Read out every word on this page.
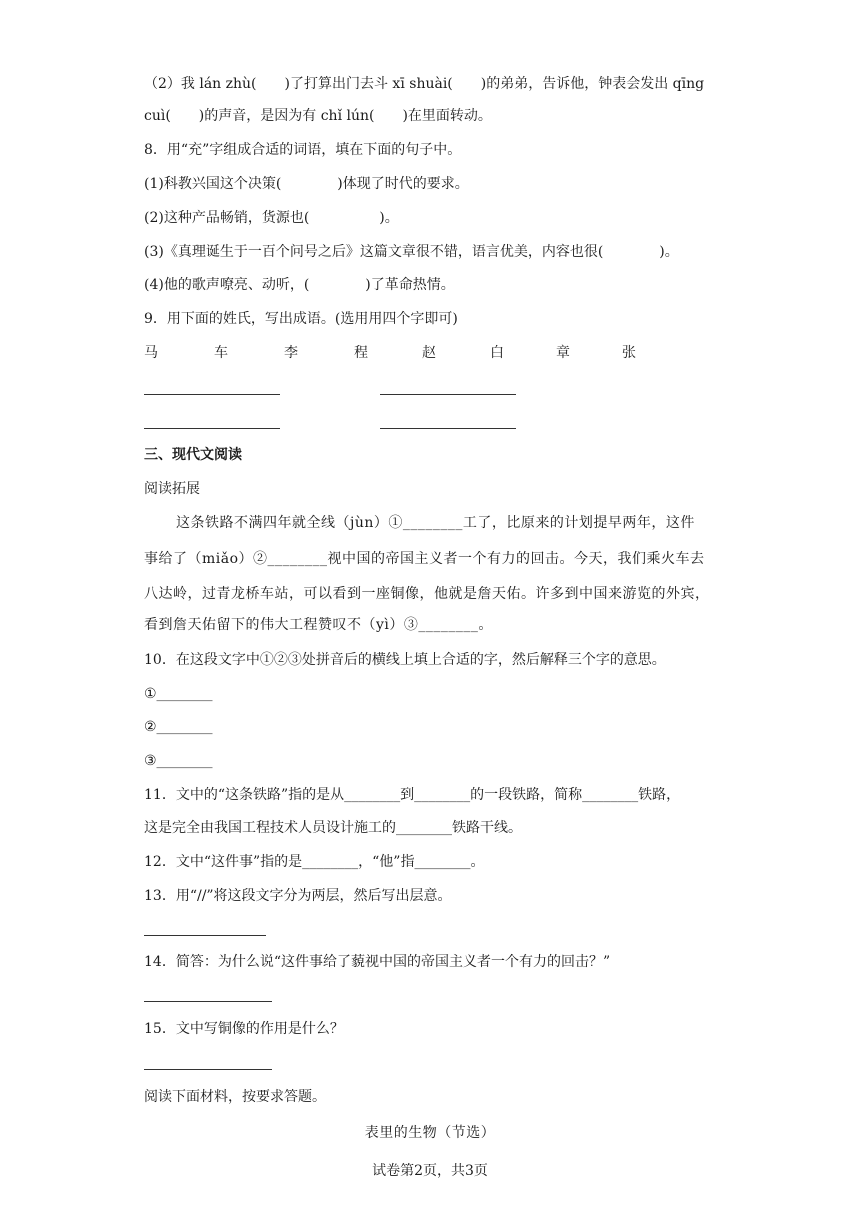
（2）我 lán zhù(　　)了打算出门去斗 xī shuài(　　)的弟弟，告诉他，钟表会发出 qīng
cuì(　　)的声音，是因为有 chǐ lún(　　)在里面转动。
8．用“充”字组成合适的词语，填在下面的句子中。
(1)科教兴国这个决策(　　　　)体现了时代的要求。
(2)这种产品畅销，货源也(　　　　　)。
(3)《真理诞生于一百个问号之后》这篇文章很不错，语言优美，内容也很(　　　　)。
(4)他的歌声嘹亮、动听，(　　　　)了革命热情。
9．用下面的姓氏，写出成语。(选用用四个字即可)
马	车	李	程	赵	白	章	张
三、现代文阅读
阅读拓展
这条铁路不满四年就全线（jùn）①________工了，比原来的计划提早两年，这件
事给了（miǎo）②________视中国的帝国主义者一个有力的回击。今天，我们乘火车去
八达岭，过青龙桥车站，可以看到一座铜像，他就是詹天佑。许多到中国来游览的外宾，
看到詹天佑留下的伟大工程赞叹不（yì）③________。
10．在这段文字中①②③处拼音后的横线上填上合适的字，然后解释三个字的意思。
①________
②________
③________
11．文中的“这条铁路”指的是从________到________的一段铁路，简称________铁路，
这是完全由我国工程技术人员设计施工的________铁路干线。
12．文中“这件事”指的是________，“他”指________。
13．用“//”将这段文字分为两层，然后写出层意。
14．简答：为什么说“这件事给了藐视中国的帝国主义者一个有力的回击？”
15．文中写铜像的作用是什么？
阅读下面材料，按要求答题。
表里的生物（节选）
试卷第2页，共3页
